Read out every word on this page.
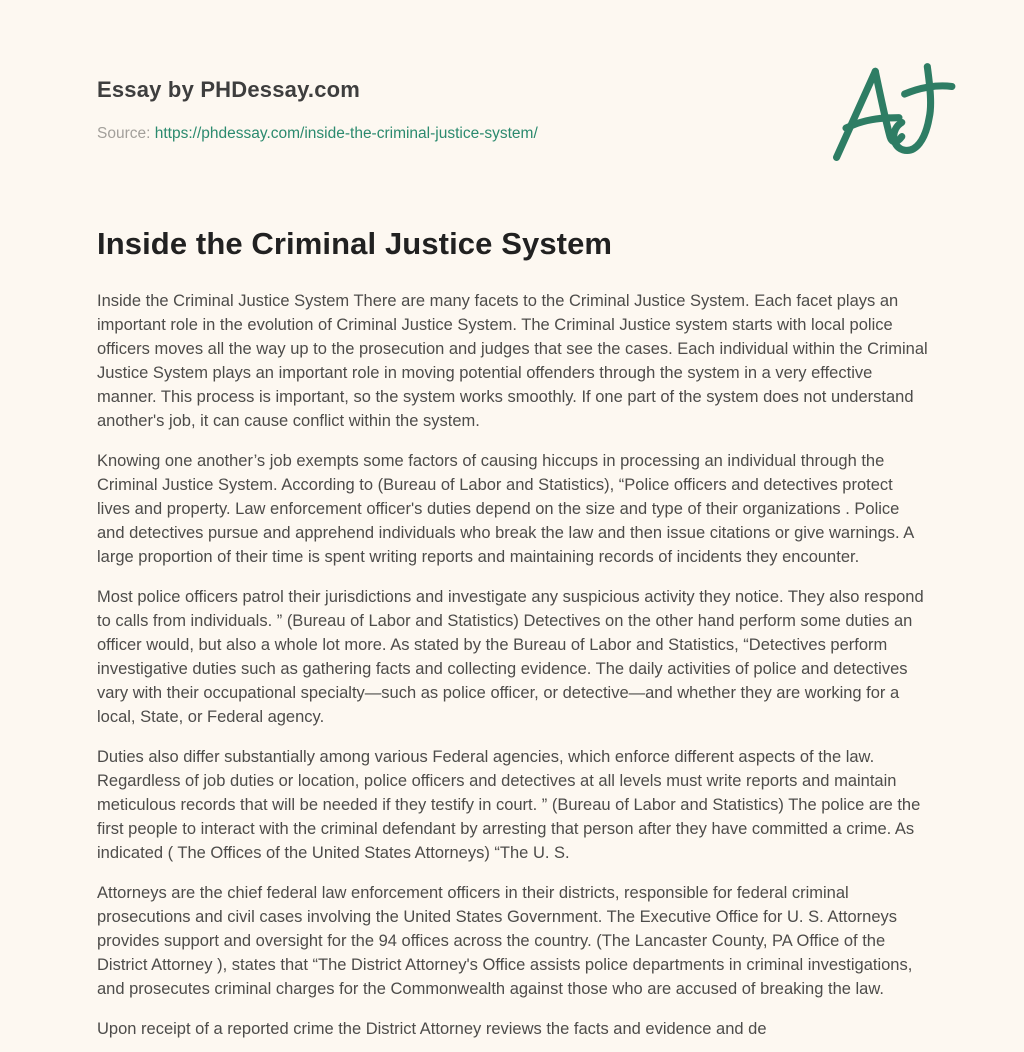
Essay by PHDessay.com
Source: https://phdessay.com/inside-the-criminal-justice-system/
Inside the Criminal Justice System

Inside the Criminal Justice System There are many facets to the Criminal Justice System. Each facet plays an important role in the evolution of Criminal Justice System. The Criminal Justice system starts with local police officers moves all the way up to the prosecution and judges that see the cases. Each individual within the Criminal Justice System plays an important role in moving potential offenders through the system in a very effective manner. This process is important, so the system works smoothly. If one part of the system does not understand another's job, it can cause conflict within the system.

Knowing one another’s job exempts some factors of causing hiccups in processing an individual through the Criminal Justice System. According to (Bureau of Labor and Statistics), “Police officers and detectives protect lives and property. Law enforcement officer's duties depend on the size and type of their organizations . Police and detectives pursue and apprehend individuals who break the law and then issue citations or give warnings. A large proportion of their time is spent writing reports and maintaining records of incidents they encounter.

Most police officers patrol their jurisdictions and investigate any suspicious activity they notice. They also respond to calls from individuals. ” (Bureau of Labor and Statistics) Detectives on the other hand perform some duties an officer would, but also a whole lot more. As stated by the Bureau of Labor and Statistics, “Detectives perform investigative duties such as gathering facts and collecting evidence. The daily activities of police and detectives vary with their occupational specialty—such as police officer, or detective—and whether they are working for a local, State, or Federal agency.

Duties also differ substantially among various Federal agencies, which enforce different aspects of the law. Regardless of job duties or location, police officers and detectives at all levels must write reports and maintain meticulous records that will be needed if they testify in court. ” (Bureau of Labor and Statistics) The police are the first people to interact with the criminal defendant by arresting that person after they have committed a crime. As indicated ( The Offices of the United States Attorneys) “The U. S.

Attorneys are the chief federal law enforcement officers in their districts, responsible for federal criminal prosecutions and civil cases involving the United States Government. The Executive Office for U. S. Attorneys provides support and oversight for the 94 offices across the country. (The Lancaster County, PA Office of the District Attorney ), states that “The District Attorney's Office assists police departments in criminal investigations, and prosecutes criminal charges for the Commonwealth against those who are accused of breaking the law.

Upon receipt of a reported crime the District Attorney reviews the facts and evidence and de
